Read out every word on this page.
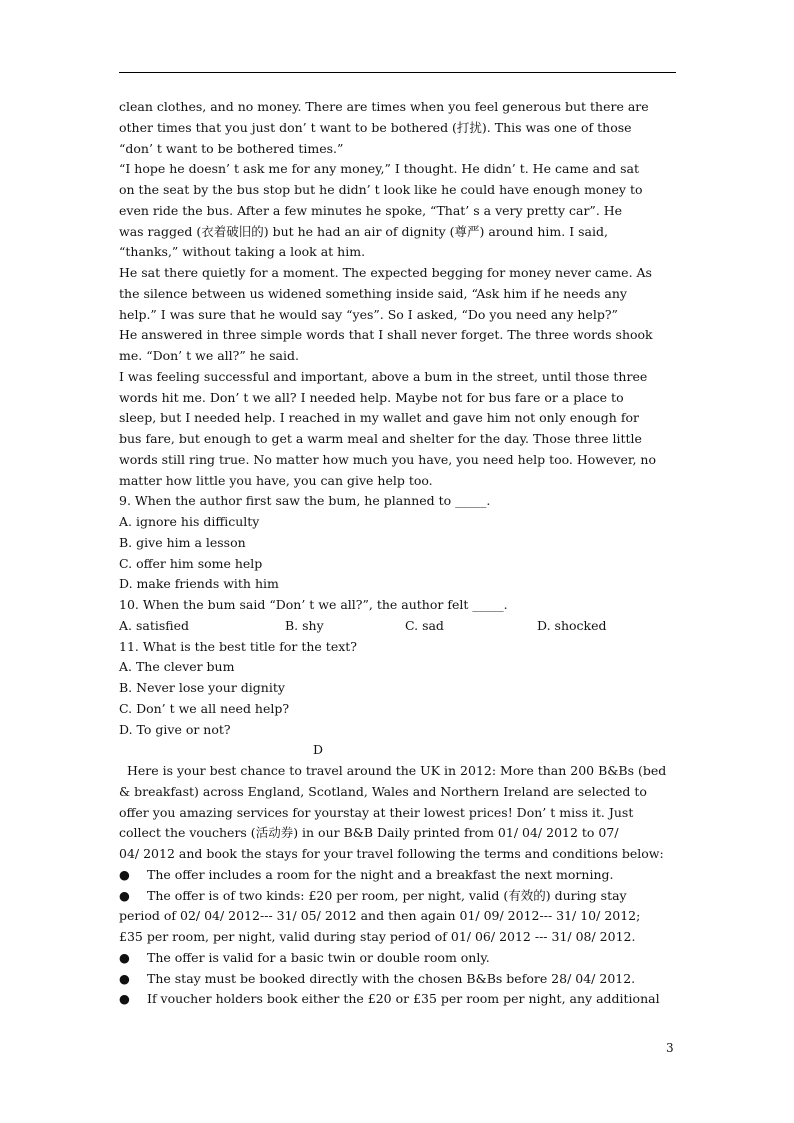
clean clothes, and no money. There are times when you feel generous but there are
other times that you just don’ t want to be bothered (打扰). This was one of those
“don’ t want to be bothered times.”
“I hope he doesn’ t ask me for any money,” I thought. He didn’ t. He came and sat
on the seat by the bus stop but he didn’ t look like he could have enough money to
even ride the bus. After a few minutes he spoke, “That’ s a very pretty car”. He
was ragged (衣着破旧的) but he had an air of dignity (尊严) around him. I said,
“thanks,” without taking a look at him.
He sat there quietly for a moment. The expected begging for money never came. As
the silence between us widened something inside said, “Ask him if he needs any
help.” I was sure that he would say “yes”. So I asked, “Do you need any help?”
He answered in three simple words that I shall never forget. The three words shook
me. “Don’ t we all?” he said.
I was feeling successful and important, above a bum in the street, until those three
words hit me. Don’ t we all? I needed help. Maybe not for bus fare or a place to
sleep, but I needed help. I reached in my wallet and gave him not only enough for
bus fare, but enough to get a warm meal and shelter for the day. Those three little
words still ring true. No matter how much you have, you need help too. However, no
matter how little you have, you can give help too.
9. When the author first saw the bum, he planned to _____.
A. ignore his difficulty
B. give him a lesson
C. offer him some help
D. make friends with him
10. When the bum said “Don’ t we all?”, the author felt _____.
A. satisfied	B. shy	C. sad	D. shocked
11. What is the best title for the text?
A. The clever bum
B. Never lose your dignity
C. Don’ t we all need help?
D. To give or not?
D
Here is your best chance to travel around the UK in 2012: More than 200 B&Bs (bed
& breakfast) across England, Scotland, Wales and Northern Ireland are selected to
offer you amazing services for yourstay at their lowest prices! Don’ t miss it. Just
collect the vouchers (活动券) in our B&B Daily printed from 01/ 04/ 2012 to 07/
04/ 2012 and book the stays for your travel following the terms and conditions below:
● The offer includes a room for the night and a breakfast the next morning.
● The offer is of two kinds: £20 per room, per night, valid (有效的) during stay
period of 02/ 04/ 2012--- 31/ 05/ 2012 and then again 01/ 09/ 2012--- 31/ 10/ 2012;
£35 per room, per night, valid during stay period of 01/ 06/ 2012 --- 31/ 08/ 2012.
● The offer is valid for a basic twin or double room only.
● The stay must be booked directly with the chosen B&Bs before 28/ 04/ 2012.
● If voucher holders book either the £20 or £35 per room per night, any additional
3
